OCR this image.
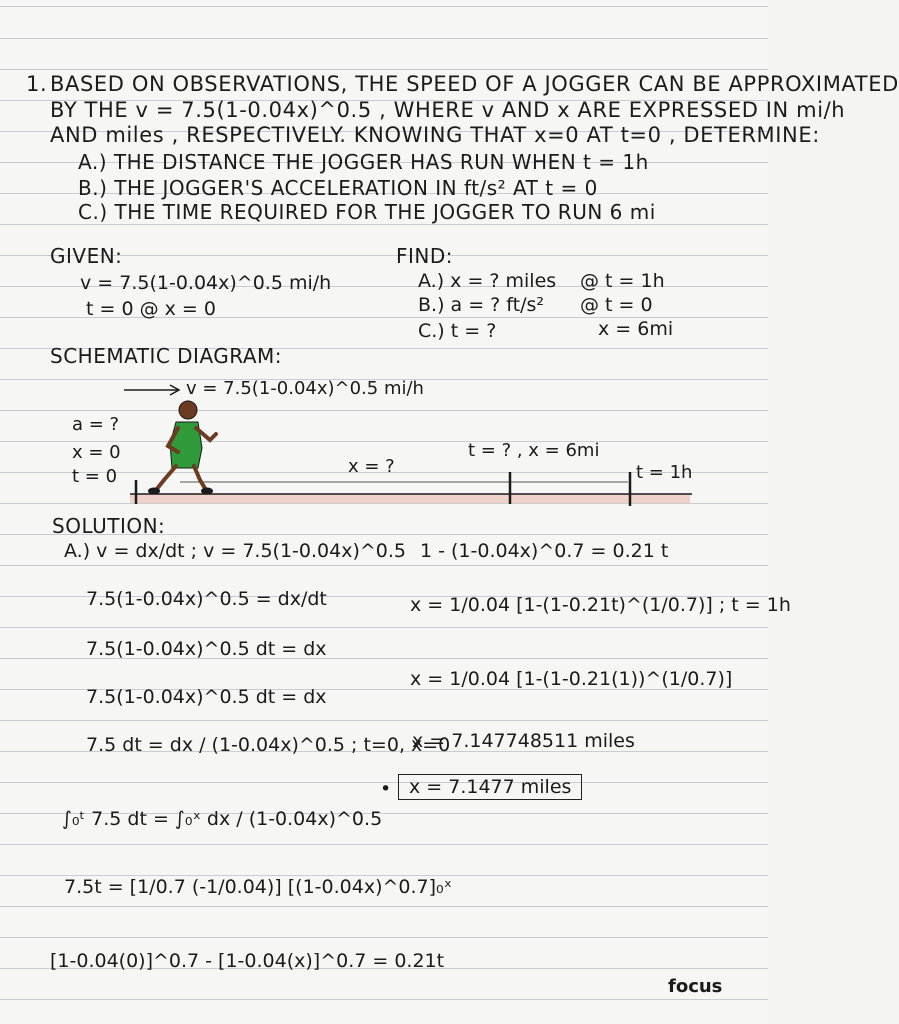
1. BASED ON OBSERVATIONS, THE SPEED OF A JOGGER CAN BE APPROXIMATED
BY THE v = 7.5(1-0.04x)^0.5 , WHERE v AND x ARE EXPRESSED IN mi/h
AND miles , RESPECTIVELY. KNOWING THAT x=0 AT t=0 , DETERMINE:
A.) THE DISTANCE THE JOGGER HAS RUN WHEN t = 1h
B.) THE JOGGER'S ACCELERATION IN ft/s² AT t = 0
C.) THE TIME REQUIRED FOR THE JOGGER TO RUN 6 mi
GIVEN:
v = 7.5(1-0.04x)^0.5 mi/h
t = 0 @ x = 0
FIND:
A.) x = ? miles @ t = 1h
B.) a = ? ft/s² @ t = 0
C.) t = ?	x = 6mi
SCHEMATIC DIAGRAM:
v = 7.5(1-0.04x)^0.5 mi/h
a = ?
x = 0
t = 0	x = ?
t = ? , x = 6mi
t = 1h
SOLUTION:
A.) v = dx/dt ; v = 7.5(1-0.04x)^0.5
7.5(1-0.04x)^0.5 = dx/dt
7.5(1-0.04x)^0.5 dt = dx
7.5(1-0.04x)^0.5 dt = dx
7.5 dt = dx / (1-0.04x)^0.5 ; t=0, x=0
∫₀ᵗ 7.5 dt = ∫₀ˣ dx / (1-0.04x)^0.5
7.5t = [1/0.7 (-1/0.04)] [(1-0.04x)^0.7]₀ˣ
[1-0.04(0)]^0.7 - [1-0.04(x)]^0.7 = 0.21t
1 - (1-0.04x)^0.7 = 0.21 t
x = 1/0.04 [1-(1-0.21t)^(1/0.7)] ; t = 1h
x = 1/0.04 [1-(1-0.21(1))^(1/0.7)]
x = 7.147748511 miles
• x = 7.1477 miles
focus
